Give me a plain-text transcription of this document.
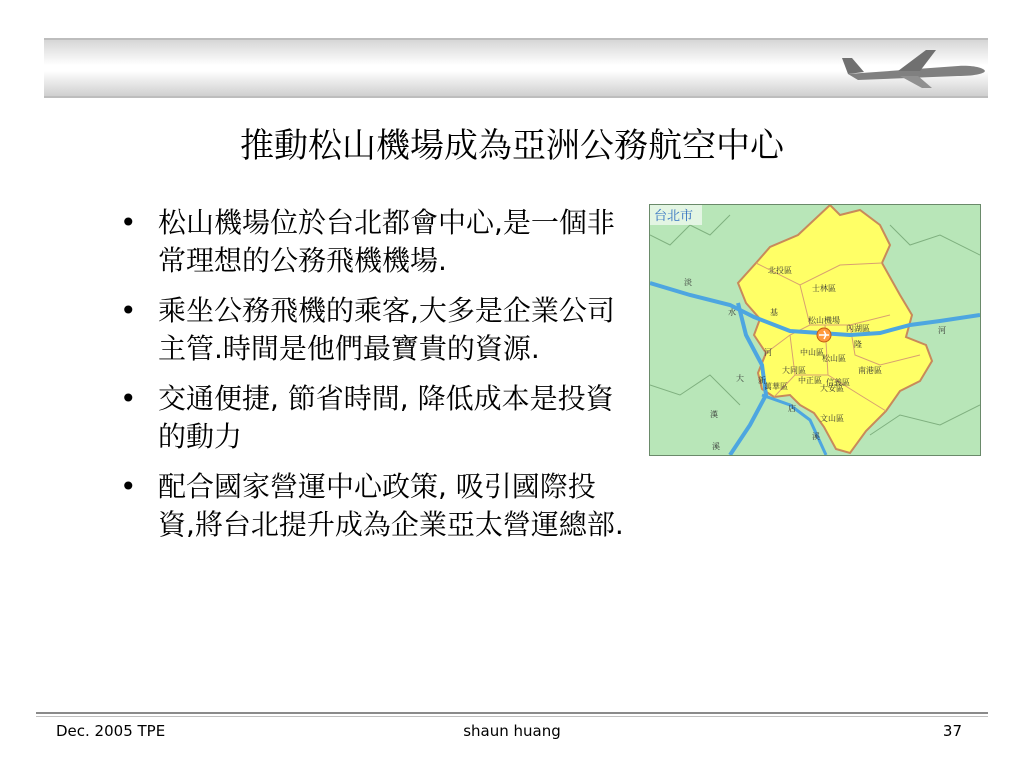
推動松山機場成為亞洲公務航空中心
• 松山機場位於台北都會中心,是一個非常理想的公務飛機機場.
• 乘坐公務飛機的乘客,大多是企業公司主管.時間是他們最寶貴的資源.
• 交通便捷, 節省時間, 降低成本是投資的動力
• 配合國家營運中心政策, 吸引國際投資,將台北提升成為企業亞太營運總部.
台北市
北投區
士林區
內湖區
松山機場
松山區
中山區
大同區
中正區
大安區
信義區
南港區
萬華區
文山區
淡
水
河
基
隆
河
大
漢
溪
新
店
溪
Dec. 2005 TPE	shaun huang	37
